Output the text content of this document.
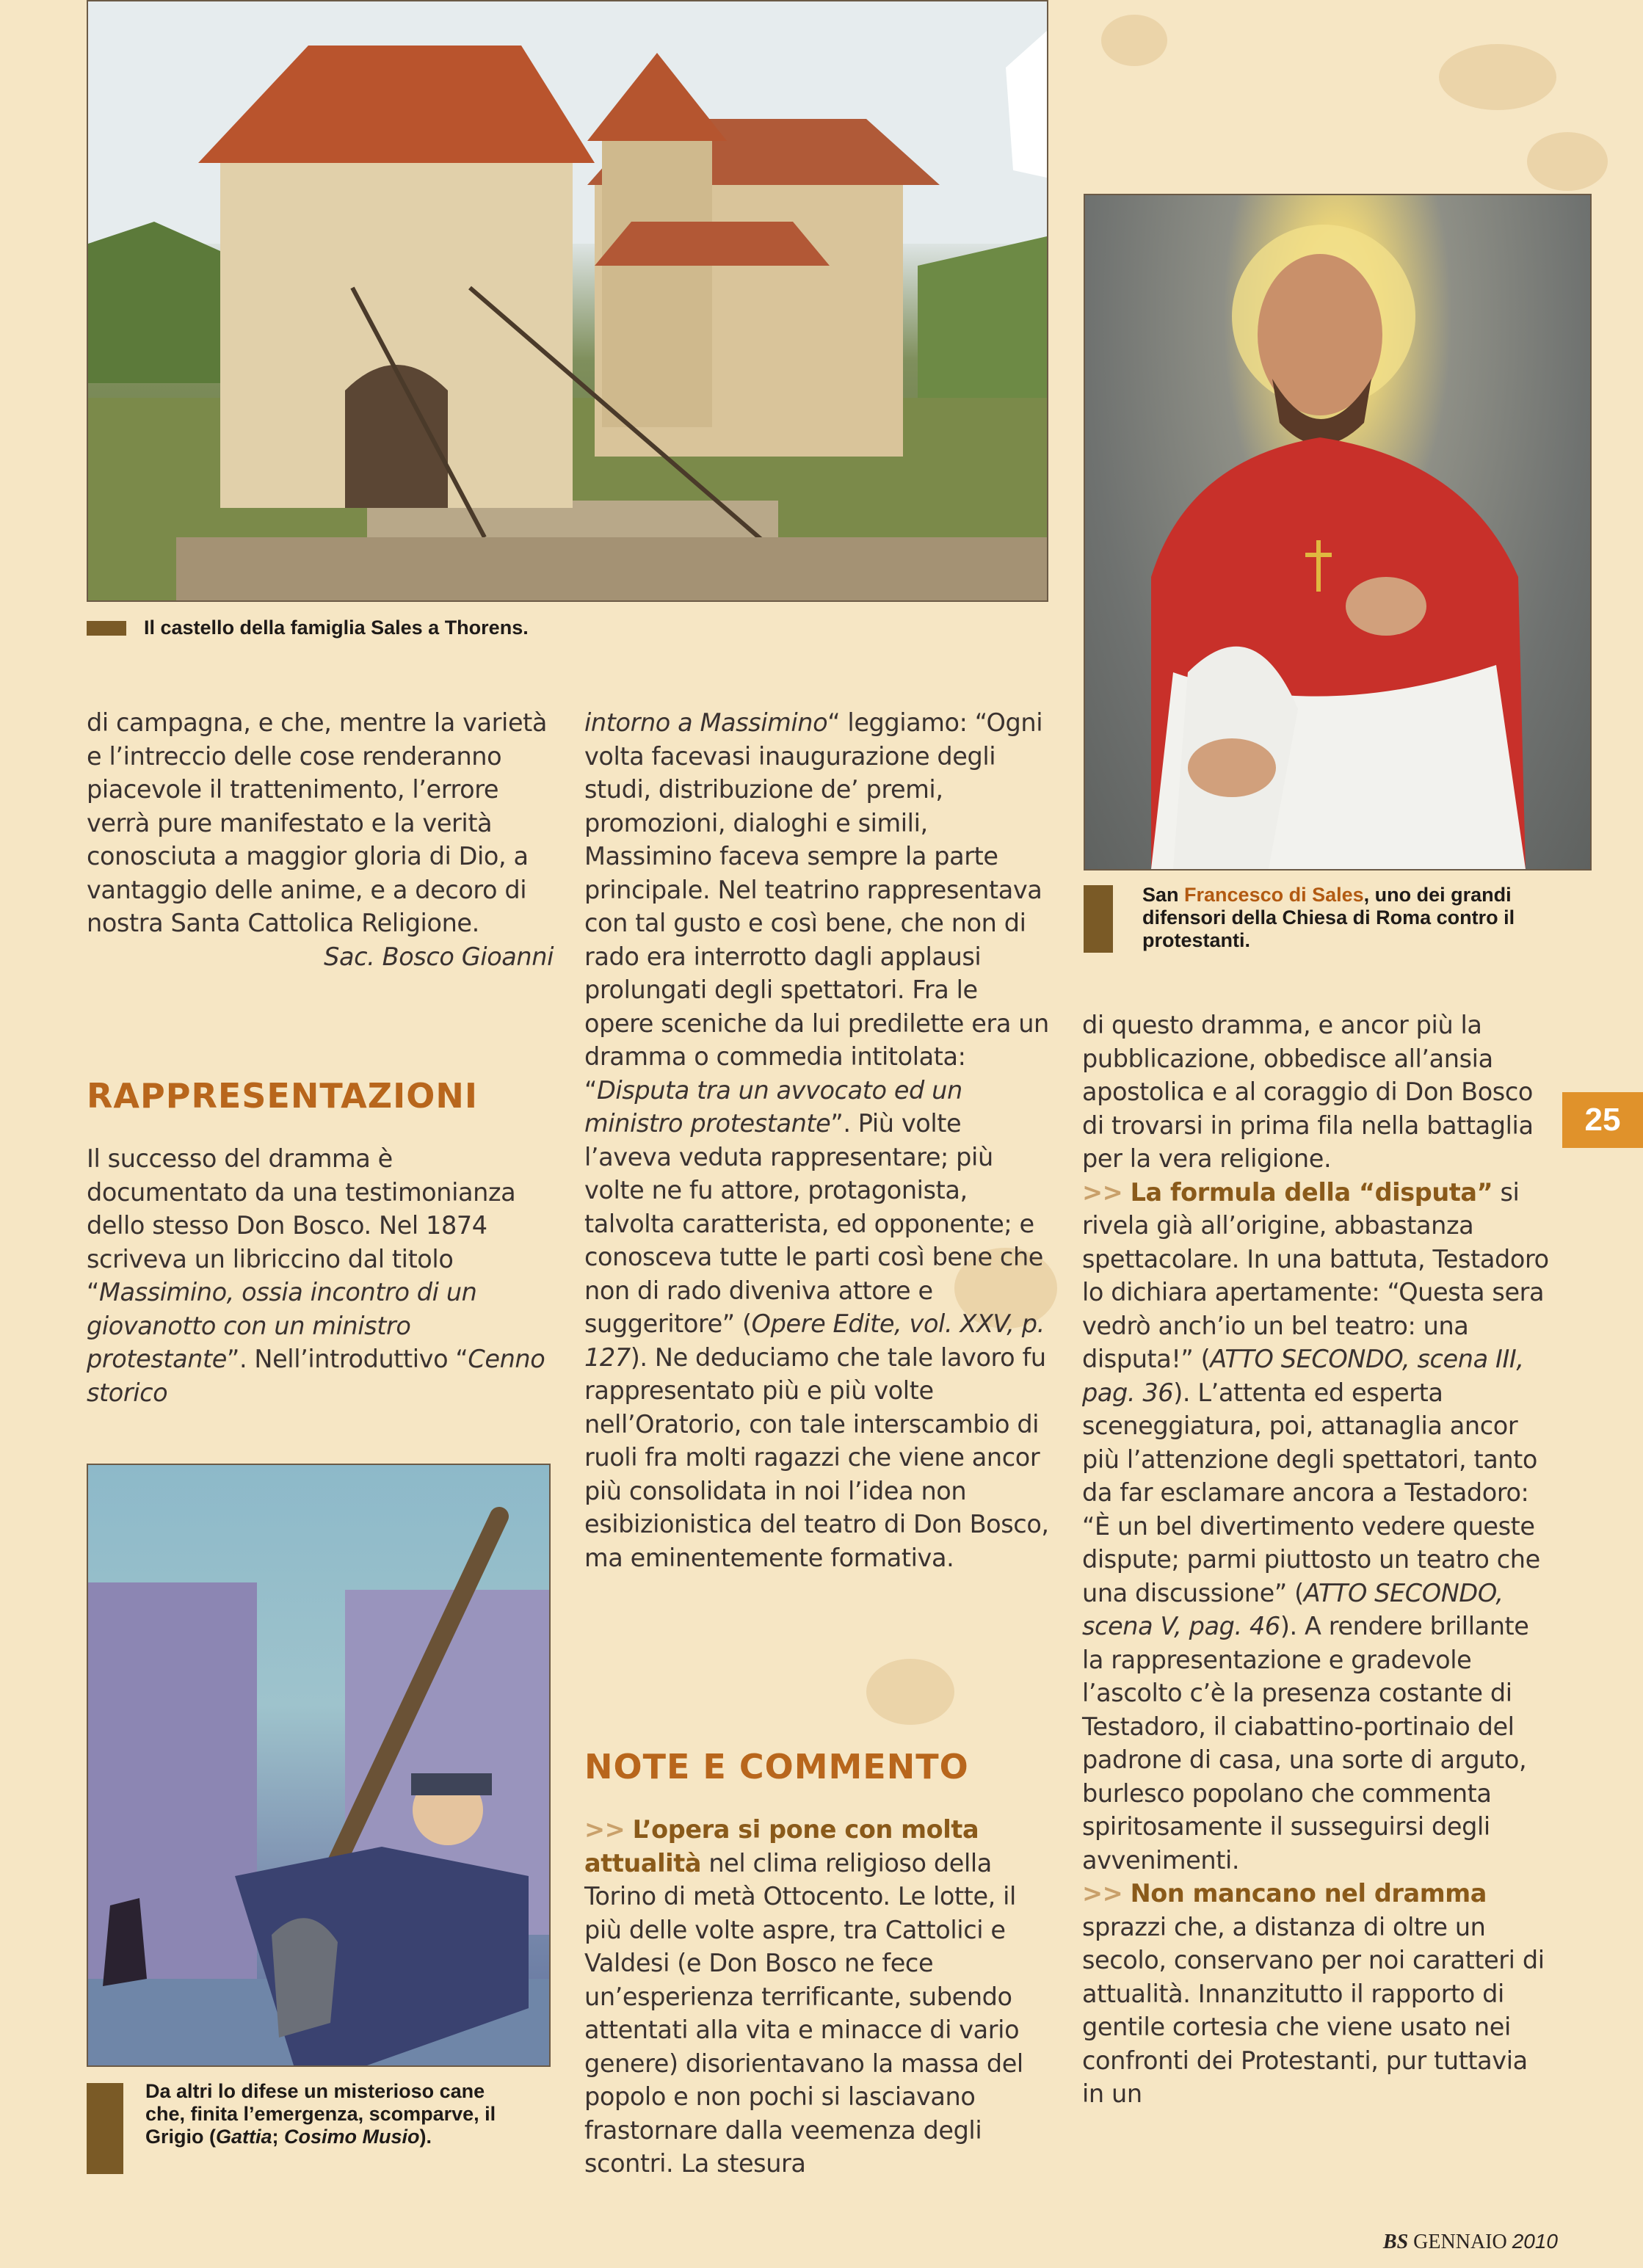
Il castello della famiglia Sales a Thorens.
San Francesco di Sales, uno dei grandi difensori della Chiesa di Roma contro il protestanti.
Da altri lo difese un misterioso cane che, finita l’emergenza, scomparve, il Grigio (Gattia; Cosimo Musio).

di campagna, e che, mentre la varietà e l’intreccio delle cose renderanno piacevole il trattenimento, l’errore verrà pure manifestato e la verità conosciuta a maggior gloria di Dio, a vantaggio delle anime, e a decoro di nostra Santa Cattolica Religione.

Sac. Bosco Gioanni
RAPPRESENTAZIONI

Il successo del dramma è documentato da una testimonianza dello stesso Don Bosco. Nel 1874 scriveva un libriccino dal titolo “Massimino, ossia incontro di un giovanotto con un ministro protestante”. Nell’introduttivo “Cenno storico

intorno a Massimino“ leggiamo: “Ogni volta facevasi inaugurazione degli studi, distribuzione de’ premi, promozioni, dialoghi e simili, Massimino faceva sempre la parte principale. Nel teatrino rappresentava con tal gusto e così bene, che non di rado era interrotto dagli applausi prolungati degli spettatori. Fra le opere sceniche da lui predilette era un dramma o commedia intitolata: “Disputa tra un avvocato ed un ministro protestante”. Più volte l’aveva veduta rappresentare; più volte ne fu attore, protagonista, talvolta caratterista, ed opponente; e conosceva tutte le parti così bene che non di rado diveniva attore e suggeritore” (Opere Edite, vol. XXV, p. 127). Ne deduciamo che tale lavoro fu rappresentato più e più volte nell’Oratorio, con tale interscambio di ruoli fra molti ragazzi che viene ancor più consolidata in noi l’idea non esibizionistica del teatro di Don Bosco, ma eminentemente formativa.

NOTE E COMMENTO

>> L’opera si pone con molta attualità nel clima religioso della Torino di metà Ottocento. Le lotte, il più delle volte aspre, tra Cattolici e Valdesi (e Don Bosco ne fece un’esperienza terrificante, subendo attentati alla vita e minacce di vario genere) disorientavano la massa del popolo e non pochi si lasciavano frastornare dalla veemenza degli scontri. La stesura

di questo dramma, e ancor più la pubblicazione, obbedisce all’ansia apostolica e al coraggio di Don Bosco di trovarsi in prima fila nella battaglia per la vera religione.

>> La formula della “disputa” si rivela già all’origine, abbastanza spettacolare. In una battuta, Testadoro lo dichiara apertamente: “Questa sera vedrò anch’io un bel teatro: una disputa!” (ATTO SECONDO, scena III, pag. 36). L’attenta ed esperta sceneggiatura, poi, attanaglia ancor più l’attenzione degli spettatori, tanto da far esclamare ancora a Testadoro: “È un bel divertimento vedere queste dispute; parmi piuttosto un teatro che una discussione” (ATTO SECONDO, scena V, pag. 46). A rendere brillante la rappresentazione e gradevole l’ascolto c’è la presenza costante di Testadoro, il ciabattino-portinaio del padrone di casa, una sorte di arguto, burlesco popolano che commenta spiritosamente il susseguirsi degli avvenimenti.

>> Non mancano nel dramma sprazzi che, a distanza di oltre un secolo, conservano per noi caratteri di attualità. Innanzitutto il rapporto di gentile cortesia che viene usato nei confronti dei Protestanti, pur tuttavia in un

25
BS GENNAIO 2010
